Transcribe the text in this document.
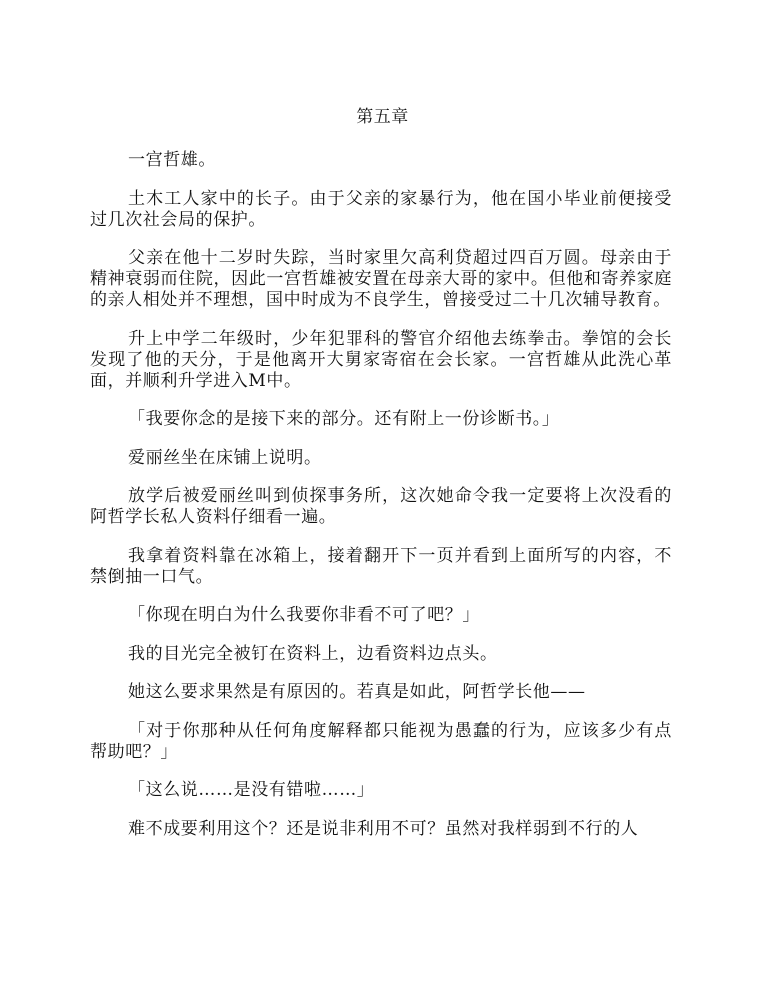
第五章

一宫哲雄。

土木工人家中的长子。由于父亲的家暴行为，他在国小毕业前便接受过几次社会局的保护。

父亲在他十二岁时失踪，当时家里欠高利贷超过四百万圆。母亲由于精神衰弱而住院，因此一宫哲雄被安置在母亲大哥的家中。但他和寄养家庭的亲人相处并不理想，国中时成为不良学生，曾接受过二十几次辅导教育。

升上中学二年级时，少年犯罪科的警官介绍他去练拳击。拳馆的会长发现了他的天分，于是他离开大舅家寄宿在会长家。一宫哲雄从此洗心革面，并顺利升学进入M中。

「我要你念的是接下来的部分。还有附上一份诊断书。」

爱丽丝坐在床铺上说明。

放学后被爱丽丝叫到侦探事务所，这次她命令我一定要将上次没看的阿哲学长私人资料仔细看一遍。

我拿着资料靠在冰箱上，接着翻开下一页并看到上面所写的内容，不禁倒抽一口气。

「你现在明白为什么我要你非看不可了吧？」

我的目光完全被钉在资料上，边看资料边点头。

她这么要求果然是有原因的。若真是如此，阿哲学长他——

「对于你那种从任何角度解释都只能视为愚蠢的行为，应该多少有点帮助吧？」

「这么说……是没有错啦……」

难不成要利用这个？还是说非利用不可？虽然对我样弱到不行的人
